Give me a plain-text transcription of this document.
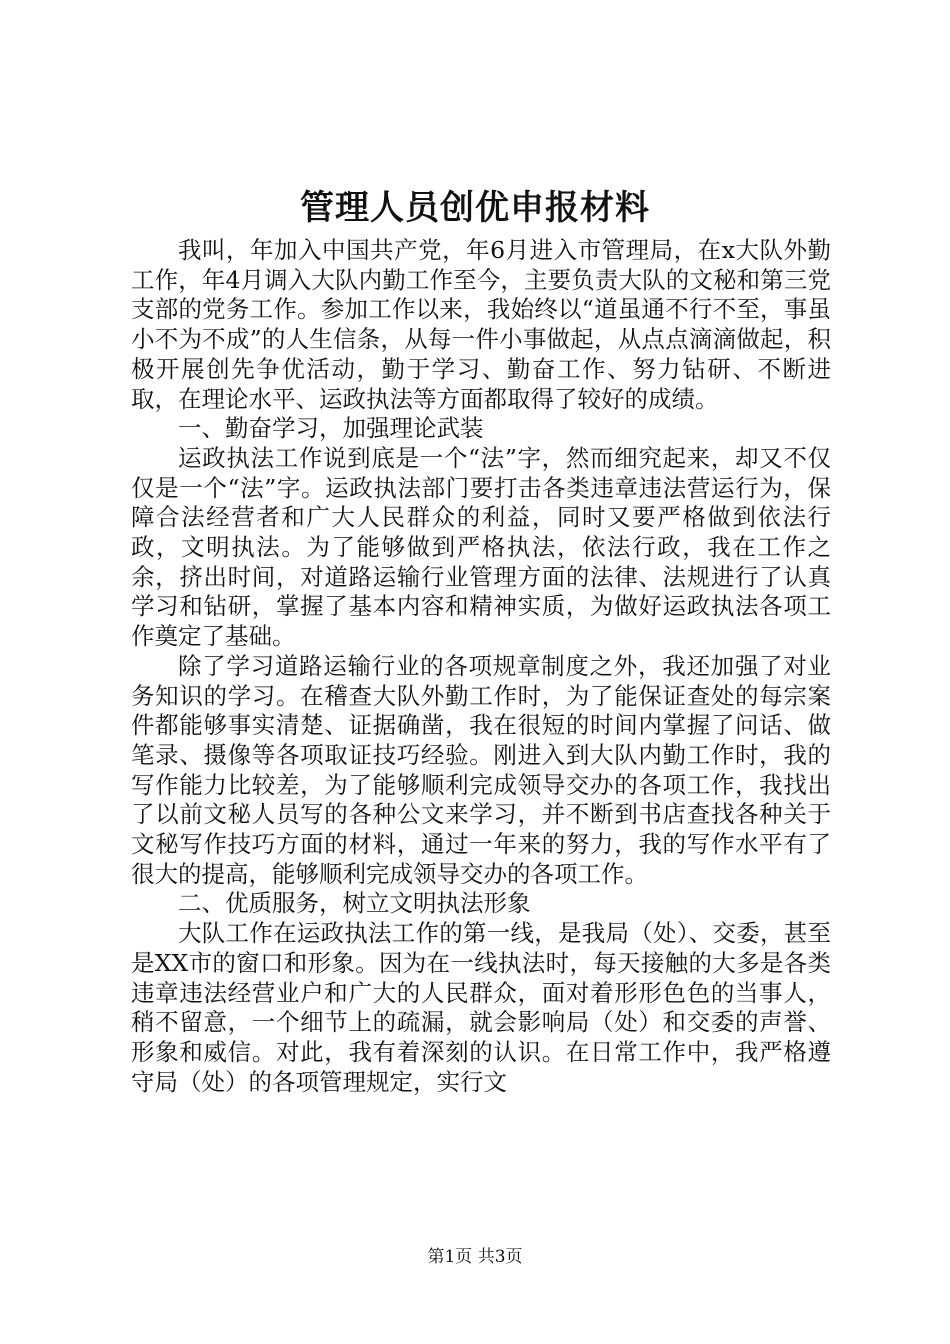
管理人员创优申报材料

我叫，年加入中国共产党，年6月进入市管理局，在x大队外勤工作，年4月调入大队内勤工作至今，主要负责大队的文秘和第三党支部的党务工作。参加工作以来，我始终以“道虽通不行不至，事虽小不为不成”的人生信条，从每一件小事做起，从点点滴滴做起，积极开展创先争优活动，勤于学习、勤奋工作、努力钻研、不断进取，在理论水平、运政执法等方面都取得了较好的成绩。

一、勤奋学习，加强理论武装

运政执法工作说到底是一个“法”字，然而细究起来，却又不仅仅是一个“法”字。运政执法部门要打击各类违章违法营运行为，保障合法经营者和广大人民群众的利益，同时又要严格做到依法行政，文明执法。为了能够做到严格执法，依法行政，我在工作之余，挤出时间，对道路运输行业管理方面的法律、法规进行了认真学习和钻研，掌握了基本内容和精神实质，为做好运政执法各项工作奠定了基础。

除了学习道路运输行业的各项规章制度之外，我还加强了对业务知识的学习。在稽查大队外勤工作时，为了能保证查处的每宗案件都能够事实清楚、证据确凿，我在很短的时间内掌握了问话、做笔录、摄像等各项取证技巧经验。刚进入到大队内勤工作时，我的写作能力比较差，为了能够顺利完成领导交办的各项工作，我找出了以前文秘人员写的各种公文来学习，并不断到书店查找各种关于文秘写作技巧方面的材料，通过一年来的努力，我的写作水平有了很大的提高，能够顺利完成领导交办的各项工作。

二、优质服务，树立文明执法形象

大队工作在运政执法工作的第一线，是我局（处）、交委，甚至是XX市的窗口和形象。因为在一线执法时，每天接触的大多是各类违章违法经营业户和广大的人民群众，面对着形形色色的当事人，稍不留意，一个细节上的疏漏，就会影响局（处）和交委的声誉、形象和威信。对此，我有着深刻的认识。在日常工作中，我严格遵守局（处）的各项管理规定，实行文

第1页 共3页
